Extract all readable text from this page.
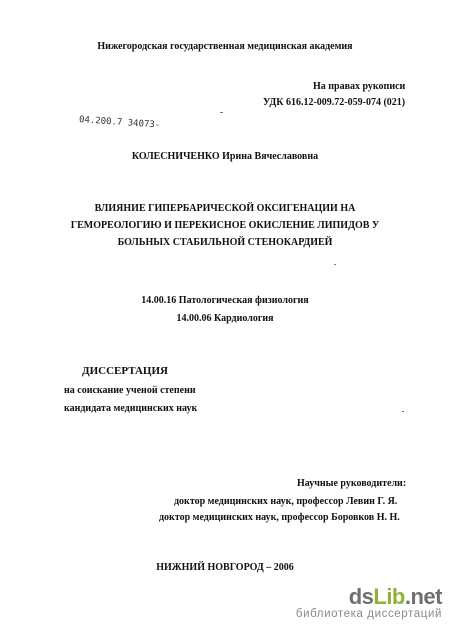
Нижегородская государственная медицинская академия
На правах рукописи
УДК 616.12-009.72-059-074 (021)
04.200.7 34073-
КОЛЕСНИЧЕНКО Ирина Вячеславовна
ВЛИЯНИЕ ГИПЕРБАРИЧЕСКОЙ ОКСИГЕНАЦИИ НА
ГЕМОРЕОЛОГИЮ И ПЕРЕКИСНОЕ ОКИСЛЕНИЕ ЛИПИДОВ У
БОЛЬНЫХ СТАБИЛЬНОЙ СТЕНОКАРДИЕЙ
14.00.16 Патологическая физиология
14.00.06 Кардиология
ДИССЕРТАЦИЯ
на соискание ученой степени
кандидата медицинских наук
Научные руководители:
доктор медицинских наук, профессор Левин Г. Я.
доктор медицинских наук, профессор Боровков Н. Н.
НИЖНИЙ НОВГОРОД – 2006
dsLib.net
библиотека диссертаций
